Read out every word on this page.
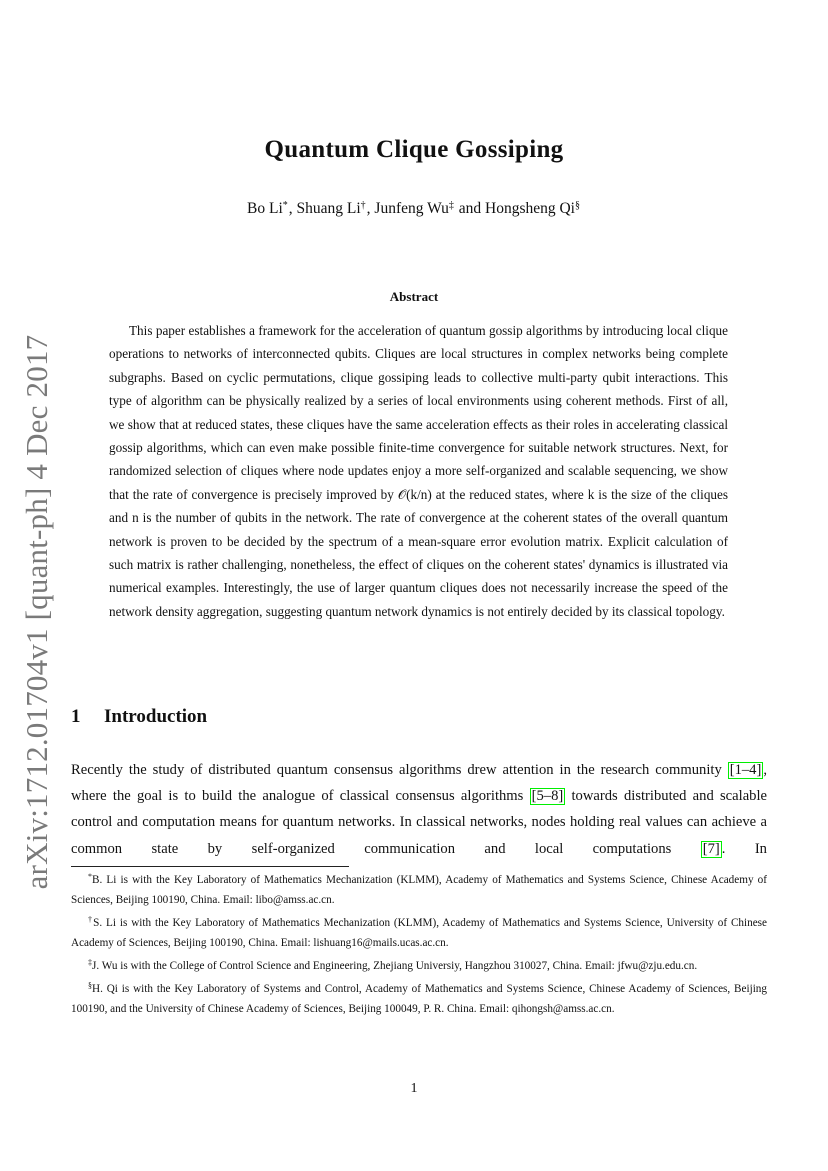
arXiv:1712.01704v1 [quant-ph] 4 Dec 2017
Quantum Clique Gossiping
Bo Li*, Shuang Li†, Junfeng Wu‡ and Hongsheng Qi§
Abstract

This paper establishes a framework for the acceleration of quantum gossip algorithms by introducing local clique operations to networks of interconnected qubits. Cliques are local structures in complex networks being complete subgraphs. Based on cyclic permutations, clique gossiping leads to collective multi-party qubit interactions. This type of algorithm can be physically realized by a series of local environments using coherent methods. First of all, we show that at reduced states, these cliques have the same acceleration effects as their roles in accelerating classical gossip algorithms, which can even make possible finite-time convergence for suitable network structures. Next, for randomized selection of cliques where node updates enjoy a more self-organized and scalable sequencing, we show that the rate of convergence is precisely improved by 𝒪(k/n) at the reduced states, where k is the size of the cliques and n is the number of qubits in the network. The rate of convergence at the coherent states of the overall quantum network is proven to be decided by the spectrum of a mean-square error evolution matrix. Explicit calculation of such matrix is rather challenging, nonetheless, the effect of cliques on the coherent states' dynamics is illustrated via numerical examples. Interestingly, the use of larger quantum cliques does not necessarily increase the speed of the network density aggregation, suggesting quantum network dynamics is not entirely decided by its classical topology.

1 Introduction

Recently the study of distributed quantum consensus algorithms drew attention in the research community [1–4] , where the goal is to build the analogue of classical consensus algorithms [5–8] towards distributed and scalable control and computation means for quantum networks. In classical networks, nodes holding real values can achieve a common state by self-organized communication and local computations [7] . In

*B. Li is with the Key Laboratory of Mathematics Mechanization (KLMM), Academy of Mathematics and Systems Science, Chinese Academy of Sciences, Beijing 100190, China. Email: libo@amss.ac.cn.

†S. Li is with the Key Laboratory of Mathematics Mechanization (KLMM), Academy of Mathematics and Systems Science, University of Chinese Academy of Sciences, Beijing 100190, China. Email: lishuang16@mails.ucas.ac.cn.

‡J. Wu is with the College of Control Science and Engineering, Zhejiang Universiy, Hangzhou 310027, China. Email: jfwu@zju.edu.cn.

§H. Qi is with the Key Laboratory of Systems and Control, Academy of Mathematics and Systems Science, Chinese Academy of Sciences, Beijing 100190, and the University of Chinese Academy of Sciences, Beijing 100049, P. R. China. Email: qihongsh@amss.ac.cn.

1
